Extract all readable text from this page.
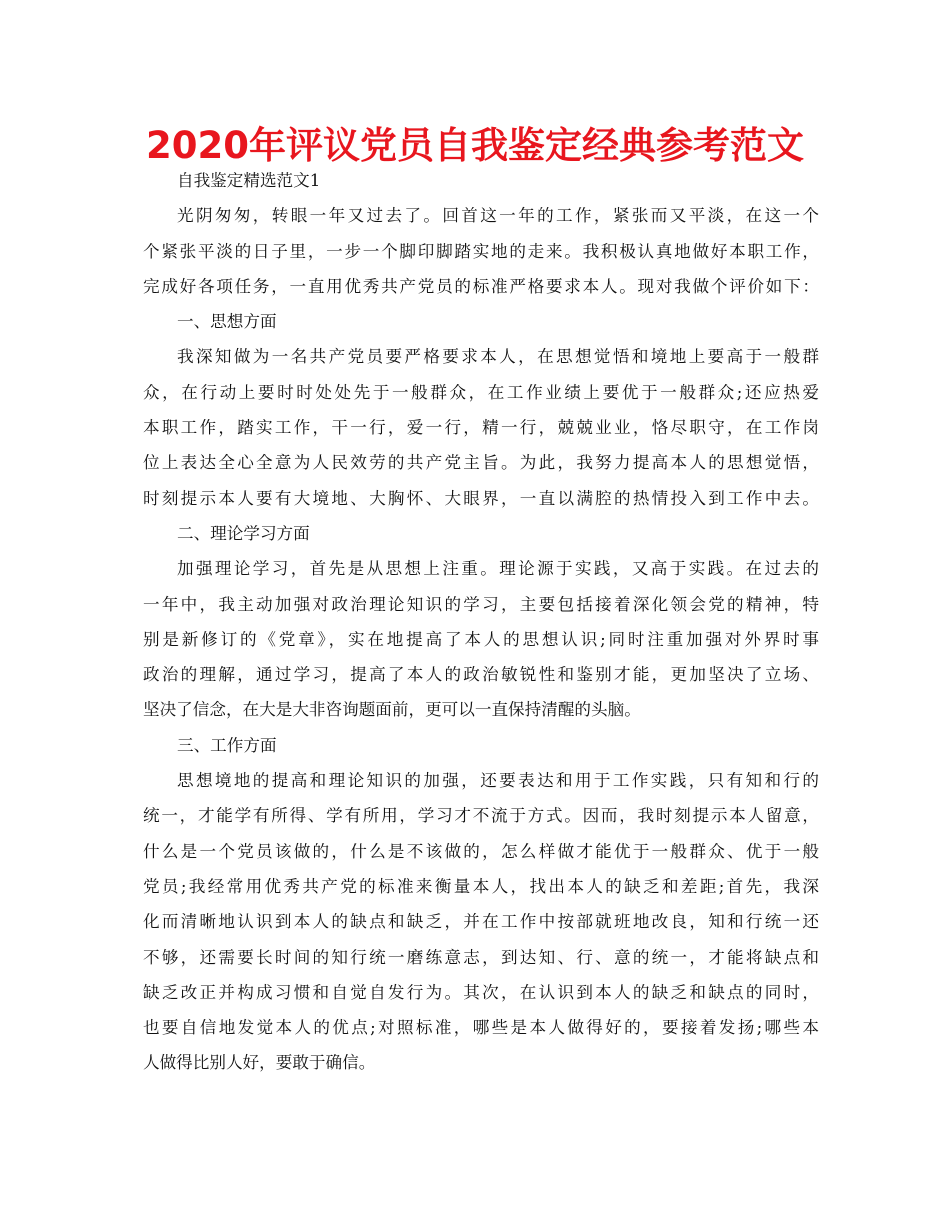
2020年评议党员自我鉴定经典参考范文
自我鉴定精选范文1
光阴匆匆，转眼一年又过去了。回首这一年的工作，紧张而又平淡，在这一个
个紧张平淡的日子里，一步一个脚印脚踏实地的走来。我积极认真地做好本职工作，
完成好各项任务，一直用优秀共产党员的标准严格要求本人。现对我做个评价如下：
一、思想方面
我深知做为一名共产党员要严格要求本人，在思想觉悟和境地上要高于一般群
众，在行动上要时时处处先于一般群众，在工作业绩上要优于一般群众;还应热爱
本职工作，踏实工作，干一行，爱一行，精一行，兢兢业业，恪尽职守，在工作岗
位上表达全心全意为人民效劳的共产党主旨。为此，我努力提高本人的思想觉悟，
时刻提示本人要有大境地、大胸怀、大眼界，一直以满腔的热情投入到工作中去。
二、理论学习方面
加强理论学习，首先是从思想上注重。理论源于实践，又高于实践。在过去的
一年中，我主动加强对政治理论知识的学习，主要包括接着深化领会党的精神，特
别是新修订的《党章》，实在地提高了本人的思想认识;同时注重加强对外界时事
政治的理解，通过学习，提高了本人的政治敏锐性和鉴别才能，更加坚决了立场、
坚决了信念，在大是大非咨询题面前，更可以一直保持清醒的头脑。
三、工作方面
思想境地的提高和理论知识的加强，还要表达和用于工作实践，只有知和行的
统一，才能学有所得、学有所用，学习才不流于方式。因而，我时刻提示本人留意，
什么是一个党员该做的，什么是不该做的，怎么样做才能优于一般群众、优于一般
党员;我经常用优秀共产党的标准来衡量本人，找出本人的缺乏和差距;首先，我深
化而清晰地认识到本人的缺点和缺乏，并在工作中按部就班地改良，知和行统一还
不够，还需要长时间的知行统一磨练意志，到达知、行、意的统一，才能将缺点和
缺乏改正并构成习惯和自觉自发行为。其次，在认识到本人的缺乏和缺点的同时，
也要自信地发觉本人的优点;对照标准，哪些是本人做得好的，要接着发扬;哪些本
人做得比别人好，要敢于确信。
